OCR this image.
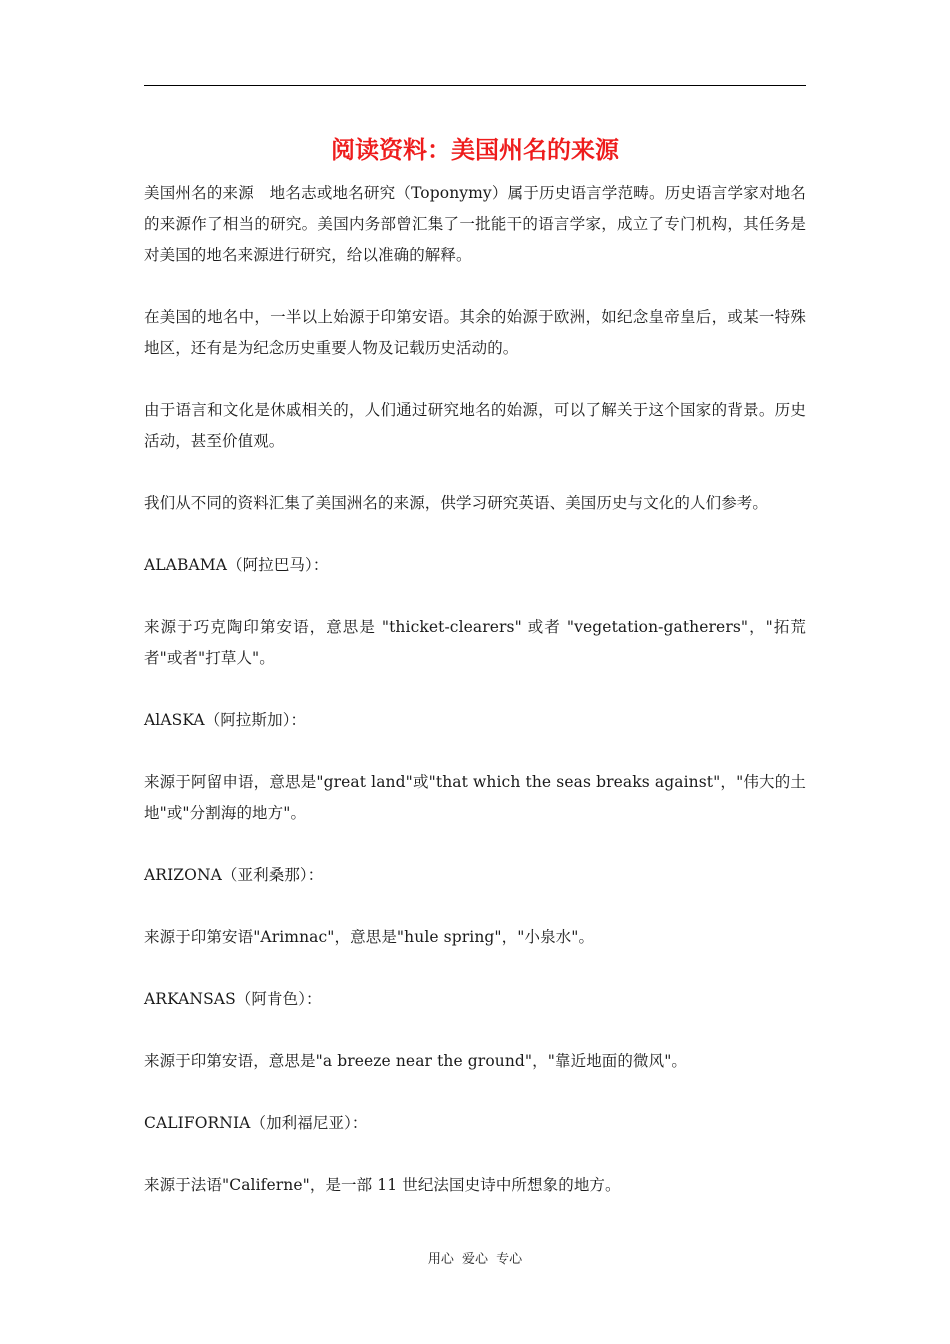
阅读资料：美国州名的来源

美国州名的来源　地名志或地名研究（Toponymy）属于历史语言学范畴。历史语言学家对地名的来源作了相当的研究。美国内务部曾汇集了一批能干的语言学家，成立了专门机构，其任务是对美国的地名来源进行研究，给以准确的解释。

在美国的地名中，一半以上始源于印第安语。其余的始源于欧洲，如纪念皇帝皇后，或某一特殊地区，还有是为纪念历史重要人物及记载历史活动的。

由于语言和文化是休戚相关的，人们通过研究地名的始源，可以了解关于这个国家的背景。历史活动，甚至价值观。

我们从不同的资料汇集了美国洲名的来源，供学习研究英语、美国历史与文化的人们参考。

ALABAMA（阿拉巴马）：

来源于巧克陶印第安语，意思是 "thicket-clearers" 或者 "vegetation-gatherers"，"拓荒者"或者"打草人"。

AlASKA（阿拉斯加）：

来源于阿留申语，意思是"great land"或"that which the seas breaks against"，"伟大的土地"或"分割海的地方"。

ARIZONA（亚利桑那）：

来源于印第安语"Arimnac"，意思是"hule spring"，"小泉水"。

ARKANSAS（阿肯色）：

来源于印第安语，意思是"a breeze near the ground"，"靠近地面的微风"。

CALIFORNIA（加利福尼亚）：

来源于法语"Califerne"，是一部 11 世纪法国史诗中所想象的地方。

用心 爱心 专心
